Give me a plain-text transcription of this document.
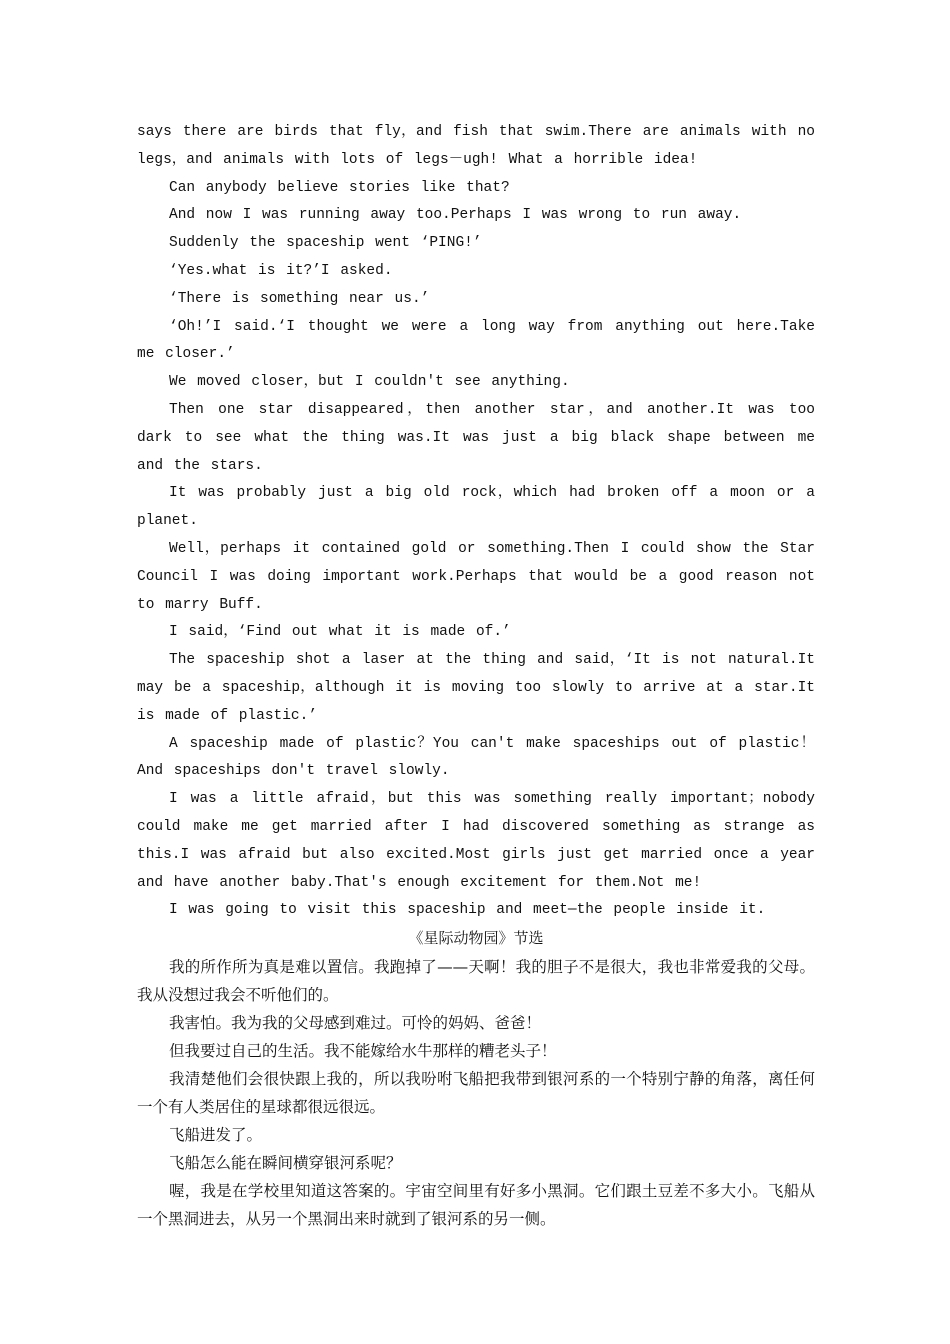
says there are birds that fly，and fish that swim.There are animals with no legs，and animals with lots of legs－ugh! What a horrible idea!

Can anybody believe stories like that?

And now I was running away too.Perhaps I was wrong to run away.

Suddenly the spaceship went ‘PING!’

‘Yes.what is it?’I asked.

‘There is something near us.’

‘Oh!’I said.‘I thought we were a long way from anything out here.Take me closer.’

We moved closer，but I couldn't see anything.

Then one star disappeared，then another star，and another.It was too dark to see what the thing was.It was just a big black shape between me and the stars.

It was probably just a big old rock，which had broken off a moon or a planet.

Well，perhaps it contained gold or something.Then I could show the Star Council I was doing important work.Perhaps that would be a good reason not to marry Buff.

I said，‘Find out what it is made of.’

The spaceship shot a laser at the thing and said，‘It is not natural.It may be a spaceship，although it is moving too slowly to arrive at a star.It is made of plastic.’

A spaceship made of plastic？You can't make spaceships out of plastic！And spaceships don't travel slowly.

I was a little afraid，but this was something really important；nobody could make me get married after I had discovered something as strange as this.I was afraid but also excited.Most girls just get married once a year and have another baby.That's enough excitement for them.Not me!

I was going to visit this spaceship and meet—the people inside it.

《星际动物园》节选

我的所作所为真是难以置信。我跑掉了——天啊！我的胆子不是很大，我也非常爱我的父母。我从没想过我会不听他们的。

我害怕。我为我的父母感到难过。可怜的妈妈、爸爸！

但我要过自己的生活。我不能嫁给水牛那样的糟老头子！

我清楚他们会很快跟上我的，所以我吩咐飞船把我带到银河系的一个特别宁静的角落，离任何一个有人类居住的星球都很远很远。

飞船进发了。

飞船怎么能在瞬间横穿银河系呢？

喔，我是在学校里知道这答案的。宇宙空间里有好多小黑洞。它们跟土豆差不多大小。飞船从一个黑洞进去，从另一个黑洞出来时就到了银河系的另一侧。
